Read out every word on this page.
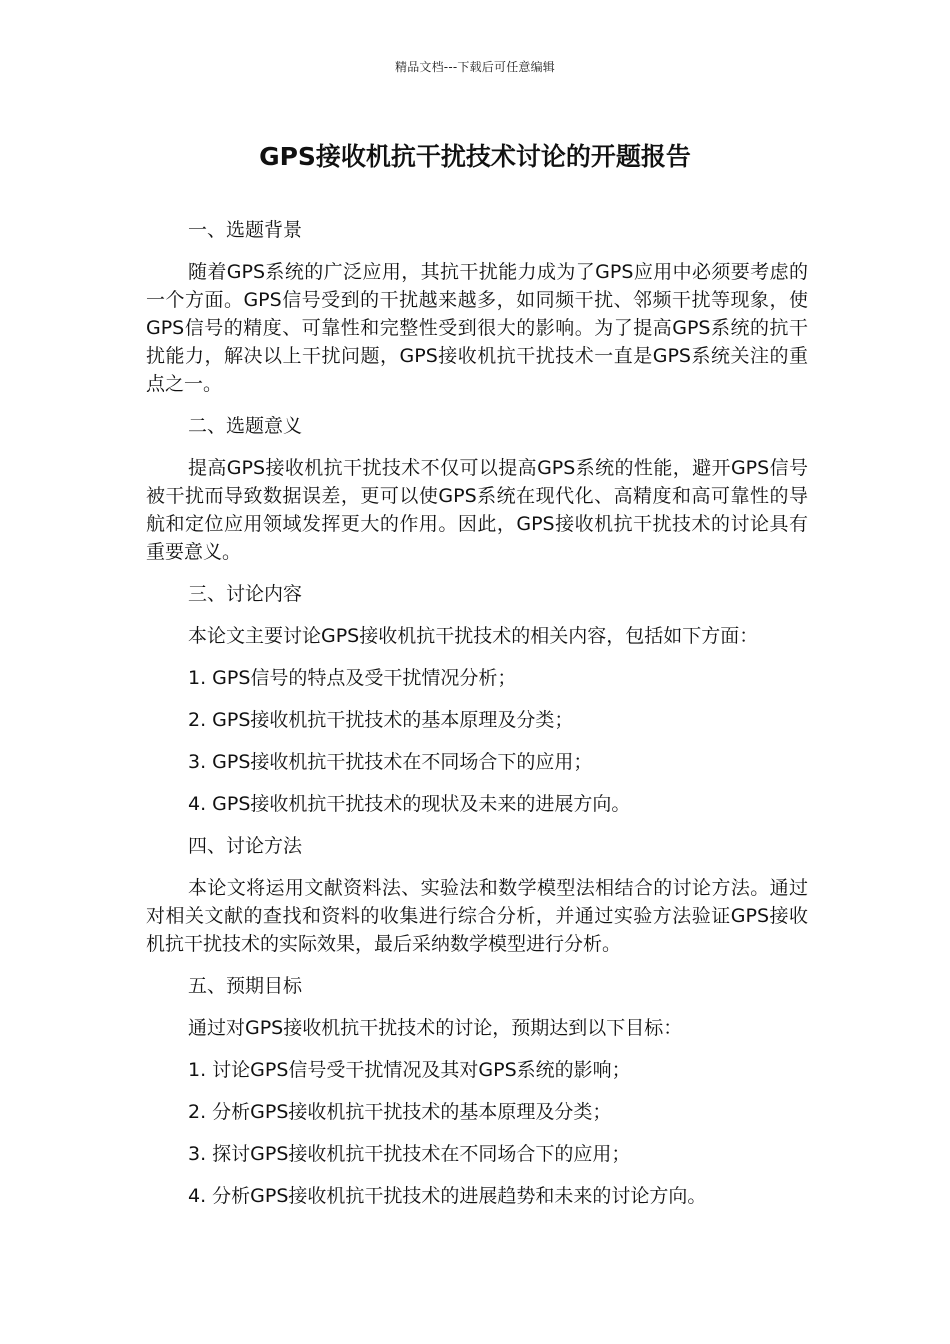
精品文档---下载后可任意编辑
GPS接收机抗干扰技术讨论的开题报告

一、选题背景

随着GPS系统的广泛应用，其抗干扰能力成为了GPS应用中必须要考虑的一个方面。GPS信号受到的干扰越来越多，如同频干扰、邻频干扰等现象，使GPS信号的精度、可靠性和完整性受到很大的影响。为了提高GPS系统的抗干扰能力，解决以上干扰问题，GPS接收机抗干扰技术一直是GPS系统关注的重点之一。

二、选题意义

提高GPS接收机抗干扰技术不仅可以提高GPS系统的性能，避开GPS信号被干扰而导致数据误差，更可以使GPS系统在现代化、高精度和高可靠性的导航和定位应用领域发挥更大的作用。因此，GPS接收机抗干扰技术的讨论具有重要意义。

三、讨论内容

本论文主要讨论GPS接收机抗干扰技术的相关内容，包括如下方面：

1. GPS信号的特点及受干扰情况分析；

2. GPS接收机抗干扰技术的基本原理及分类；

3. GPS接收机抗干扰技术在不同场合下的应用；

4. GPS接收机抗干扰技术的现状及未来的进展方向。

四、讨论方法

本论文将运用文献资料法、实验法和数学模型法相结合的讨论方法。通过对相关文献的查找和资料的收集进行综合分析，并通过实验方法验证GPS接收机抗干扰技术的实际效果，最后采纳数学模型进行分析。

五、预期目标

通过对GPS接收机抗干扰技术的讨论，预期达到以下目标：

1. 讨论GPS信号受干扰情况及其对GPS系统的影响；

2. 分析GPS接收机抗干扰技术的基本原理及分类；

3. 探讨GPS接收机抗干扰技术在不同场合下的应用；

4. 分析GPS接收机抗干扰技术的进展趋势和未来的讨论方向。
